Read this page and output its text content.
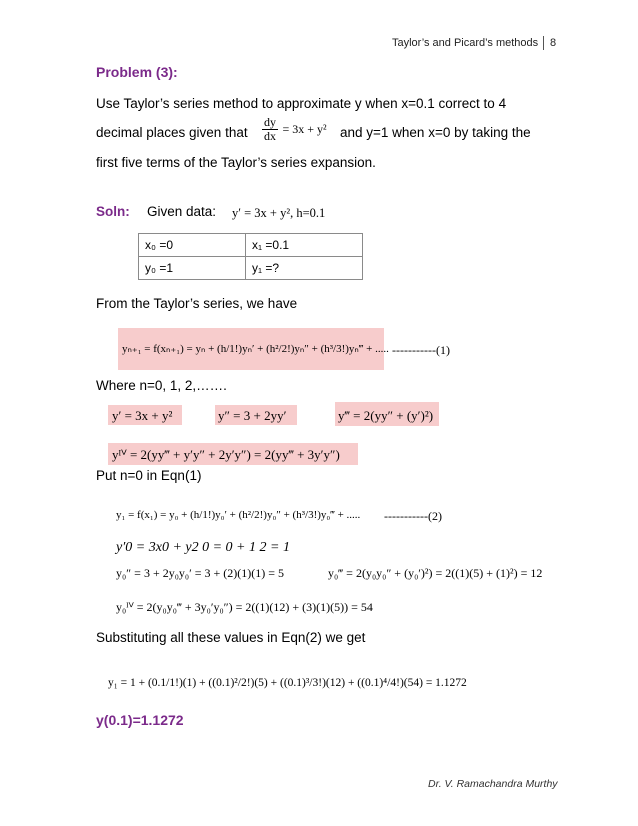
Taylor’s and Picard’s methods 8
Problem (3):
Use Taylor’s series method to approximate y when x=0.1 correct to 4
decimal places given that $\frac{dy}{dx} = 3x + y^2$ and y=1 when x=0 by taking the
first five terms of the Taylor’s series expansion.
Soln: Given data: y′ = 3x + y², h=0.1
x₀ =0	x₁ =0.1
y₀ =1	y₁ =?
From the Taylor’s series, we have
yₙ₊₁ = f(xₙ₊₁) = yₙ + (h/1!)yₙ′ + (h²/2!)yₙ″ + (h³/3!)yₙ‴ + ..... -----------(1)
Where n=0, 1, 2,…….
y′ = 3x + y²	y″ = 3 + 2yy′	y‴ = 2(yy″ + (y′)²)
yᴵⱽ = 2(yy‴ + y′y″ + 2y′y″) = 2(yy‴ + 3y′y″)
Put n=0 in Eqn(1)
y₁ = f(x₁) = y₀ + (h/1!)y₀′ + (h²/2!)y₀″ + (h³/3!)y₀‴ + ..... -----------(2)
y′0 = 3x0 + y2 0 = 0 + 1 2 = 1
y₀″ = 3 + 2y₀y₀′ = 3 + (2)(1)(1) = 5	y₀‴ = 2(y₀y₀″ + (y₀′)²) = 2((1)(5) + (1)²) = 12
y₀ᴵⱽ = 2(y₀y₀‴ + 3y₀′y₀″) = 2((1)(12) + (3)(1)(5)) = 54
Substituting all these values in Eqn(2) we get
y₁ = 1 + (0.1/1!)(1) + ((0.1)²/2!)(5) + ((0.1)³/3!)(12) + ((0.1)⁴/4!)(54) = 1.1272
y(0.1)=1.1272
Dr. V. Ramachandra Murthy
